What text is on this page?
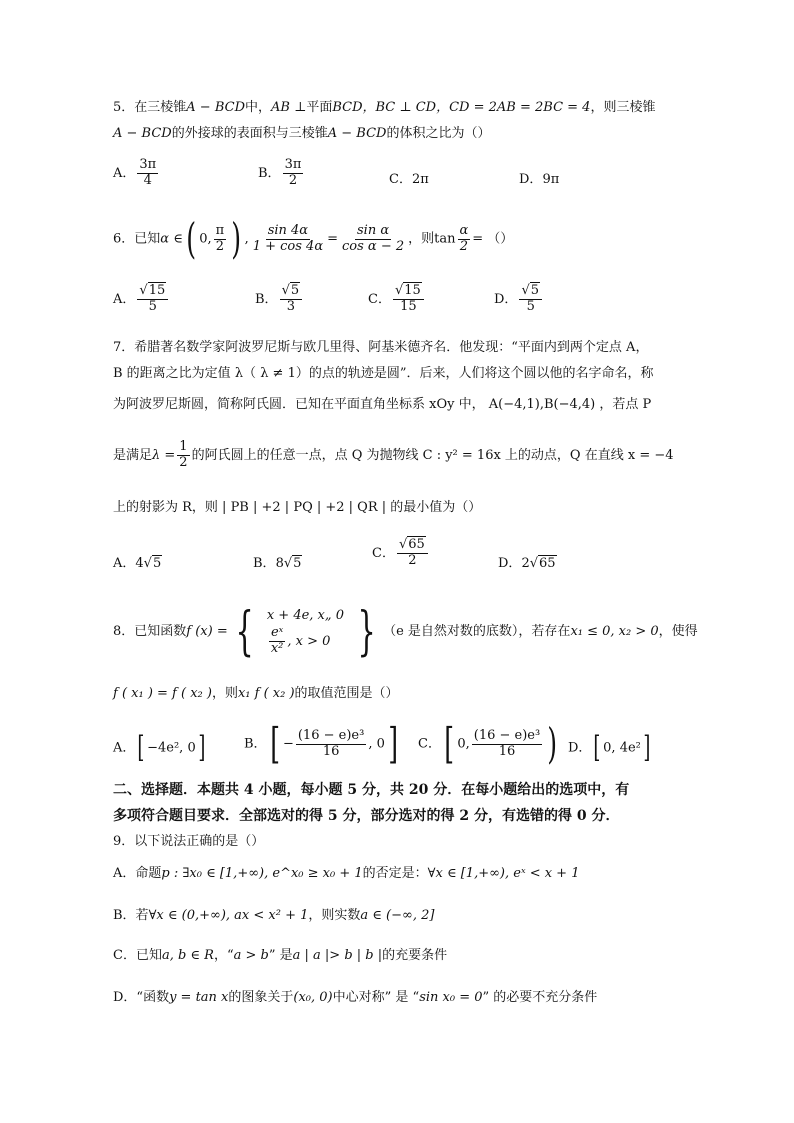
5．在三棱锥A − BCD中，AB ⊥平面BCD，BC ⊥ CD，CD = 2AB = 2BC = 4，则三棱锥
A − BCD的外接球的表面积与三棱锥A − BCD的体积之比为（）
A． $\frac{3\pi}{4}$	B． $\frac{3\pi}{2}$	C．2π	D．9π
6．已知α ∈( 0, $\frac{\pi}{2}$ ) , $\frac{\sin 4\alpha}{1 + \cos 4\alpha} = \frac{\text{sin α}}{\text{cos α − 2}}$ ，则$\tan \frac{\alpha}{2}$ = （）
A． $\frac{√15}{5}$	B． $\frac{√5}{3}$	C． $\frac{√15}{15}$	D． $\frac{√5}{5}$
7．希腊著名数学家阿波罗尼斯与欧几里得、阿基米德齐名．他发现：“平面内到两个定点 A，
B 的距离之比为定值 λ（ λ ≠ 1）的点的轨迹是圆”．后来，人们将这个圆以他的名字命名，称
为阿波罗尼斯圆，简称阿氏圆．已知在平面直角坐标系 xOy 中， A(−4,1),B(−4,4) ，若点 P
是满足$\lambda = \frac{1}{2}$ 的阿氏圆上的任意一点，点 Q 为抛物线 C : y² = 16x 上的动点，Q 在直线 x = −4
上的射影为 R，则 | PB | +2 | PQ | +2 | QR | 的最小值为（）
A．4√5	B．8√5
C． $\frac{√65}{2}$	D．2√65
8．已知函数f (x) = { x + 4e, x„ 0
$\frac{\text{eˣ}}{\text{x²}}$ , x > 0 } （e 是自然对数的底数），若存在x₁ ≤ 0, x₂ > 0，使得
f ( x₁ ) = f ( x₂ )，则x₁ f ( x₂ )的取值范围是（）
A．[ −4e², 0]	B．[ − $\frac{\text{(16 − e)e³}}{16}$ , 0] C．[ 0, $\frac{\text{(16 − e)e³}}{16}$ ) D．[ 0, 4e²]
二、选择题．本题共 4 小题，每小题 5 分，共 20 分．在每小题给出的选项中，有
多项符合题目要求．全部选对的得 5 分，部分选对的得 2 分，有选错的得 0 分．
9．以下说法正确的是（）
A．命题p : ∃x₀ ∈ [1,+∞), e^x₀ ≥ x₀ + 1的否定是：∀x ∈ [1,+∞), eˣ < x + 1
B．若∀x ∈ (0,+∞), ax < x² + 1，则实数a ∈ (−∞, 2]
C．已知a, b ∈ R，“a > b” 是a | a |> b | b |的充要条件
D．“函数y = tan x的图象关于(x₀, 0)中心对称” 是 “sin x₀ = 0” 的必要不充分条件
